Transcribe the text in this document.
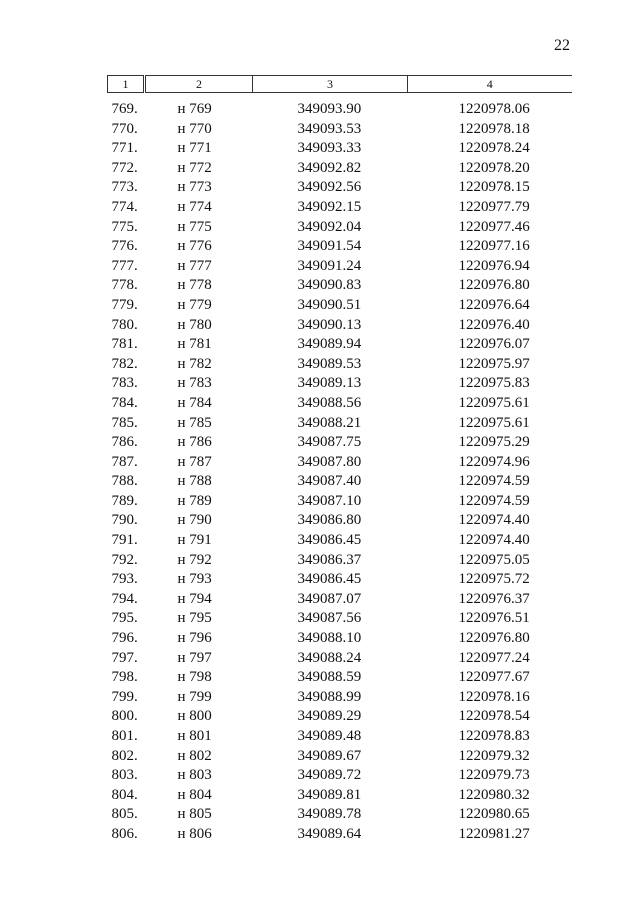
22
1	2	3	4

769.	н 769	349093.90	1220978.06
770.	н 770	349093.53	1220978.18
771.	н 771	349093.33	1220978.24
772.	н 772	349092.82	1220978.20
773.	н 773	349092.56	1220978.15
774.	н 774	349092.15	1220977.79
775.	н 775	349092.04	1220977.46
776.	н 776	349091.54	1220977.16
777.	н 777	349091.24	1220976.94
778.	н 778	349090.83	1220976.80
779.	н 779	349090.51	1220976.64
780.	н 780	349090.13	1220976.40
781.	н 781	349089.94	1220976.07
782.	н 782	349089.53	1220975.97
783.	н 783	349089.13	1220975.83
784.	н 784	349088.56	1220975.61
785.	н 785	349088.21	1220975.61
786.	н 786	349087.75	1220975.29
787.	н 787	349087.80	1220974.96
788.	н 788	349087.40	1220974.59
789.	н 789	349087.10	1220974.59
790.	н 790	349086.80	1220974.40
791.	н 791	349086.45	1220974.40
792.	н 792	349086.37	1220975.05
793.	н 793	349086.45	1220975.72
794.	н 794	349087.07	1220976.37
795.	н 795	349087.56	1220976.51
796.	н 796	349088.10	1220976.80
797.	н 797	349088.24	1220977.24
798.	н 798	349088.59	1220977.67
799.	н 799	349088.99	1220978.16
800.	н 800	349089.29	1220978.54
801.	н 801	349089.48	1220978.83
802.	н 802	349089.67	1220979.32
803.	н 803	349089.72	1220979.73
804.	н 804	349089.81	1220980.32
805.	н 805	349089.78	1220980.65
806.	н 806	349089.64	1220981.27
